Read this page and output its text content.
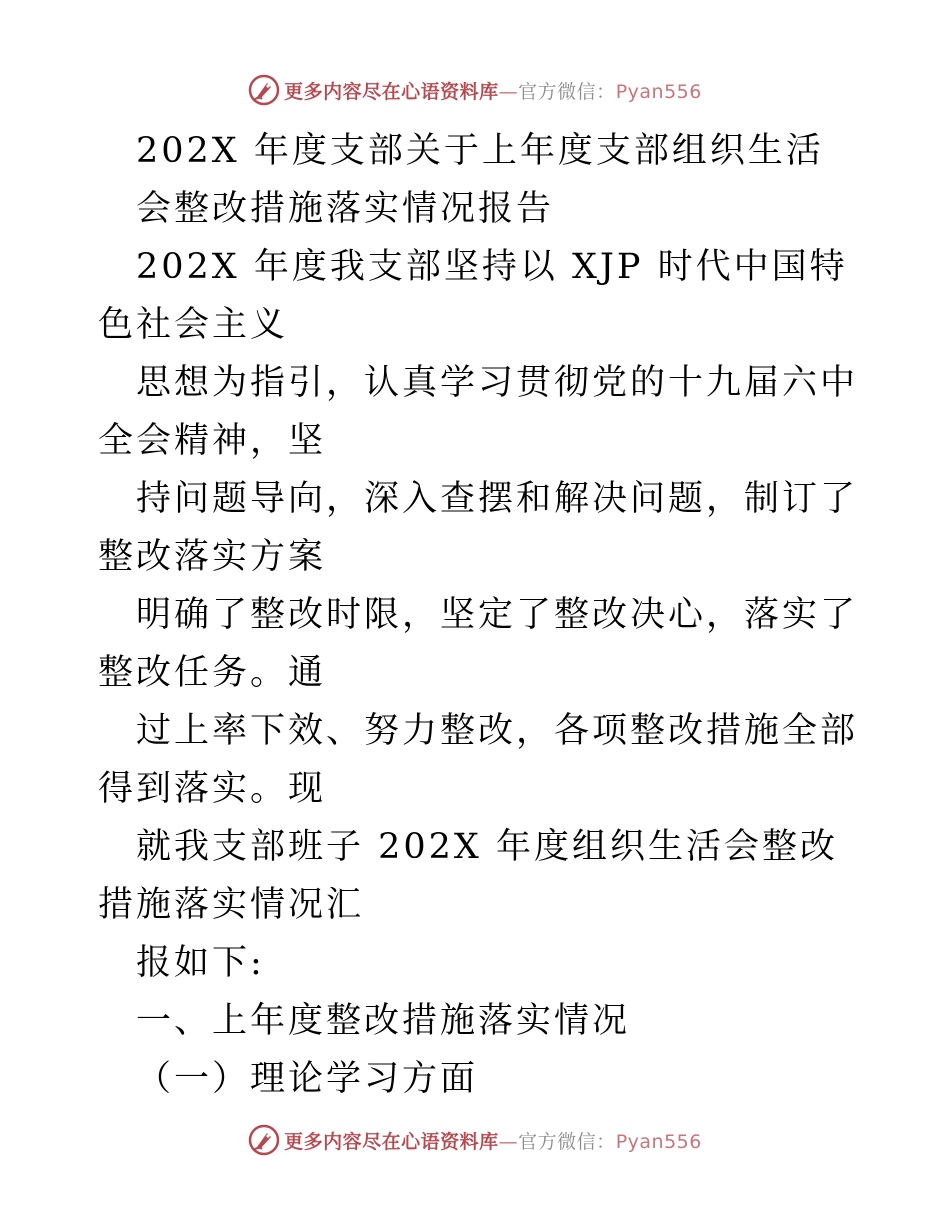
更多内容尽在心语资料库—官方微信：Pyan556

202X 年度支部关于上年度支部组织生活

会整改措施落实情况报告

202X 年度我支部坚持以 XJP 时代中国特色社会主义

思想为指引，认真学习贯彻党的十九届六中全会精神，坚

持问题导向，深入查摆和解决问题，制订了整改落实方案

明确了整改时限，坚定了整改决心，落实了整改任务。通

过上率下效、努力整改，各项整改措施全部得到落实。现

就我支部班子 202X 年度组织生活会整改措施落实情况汇

报如下:

一、上年度整改措施落实情况

（一）理论学习方面

更多内容尽在心语资料库—官方微信：Pyan556
